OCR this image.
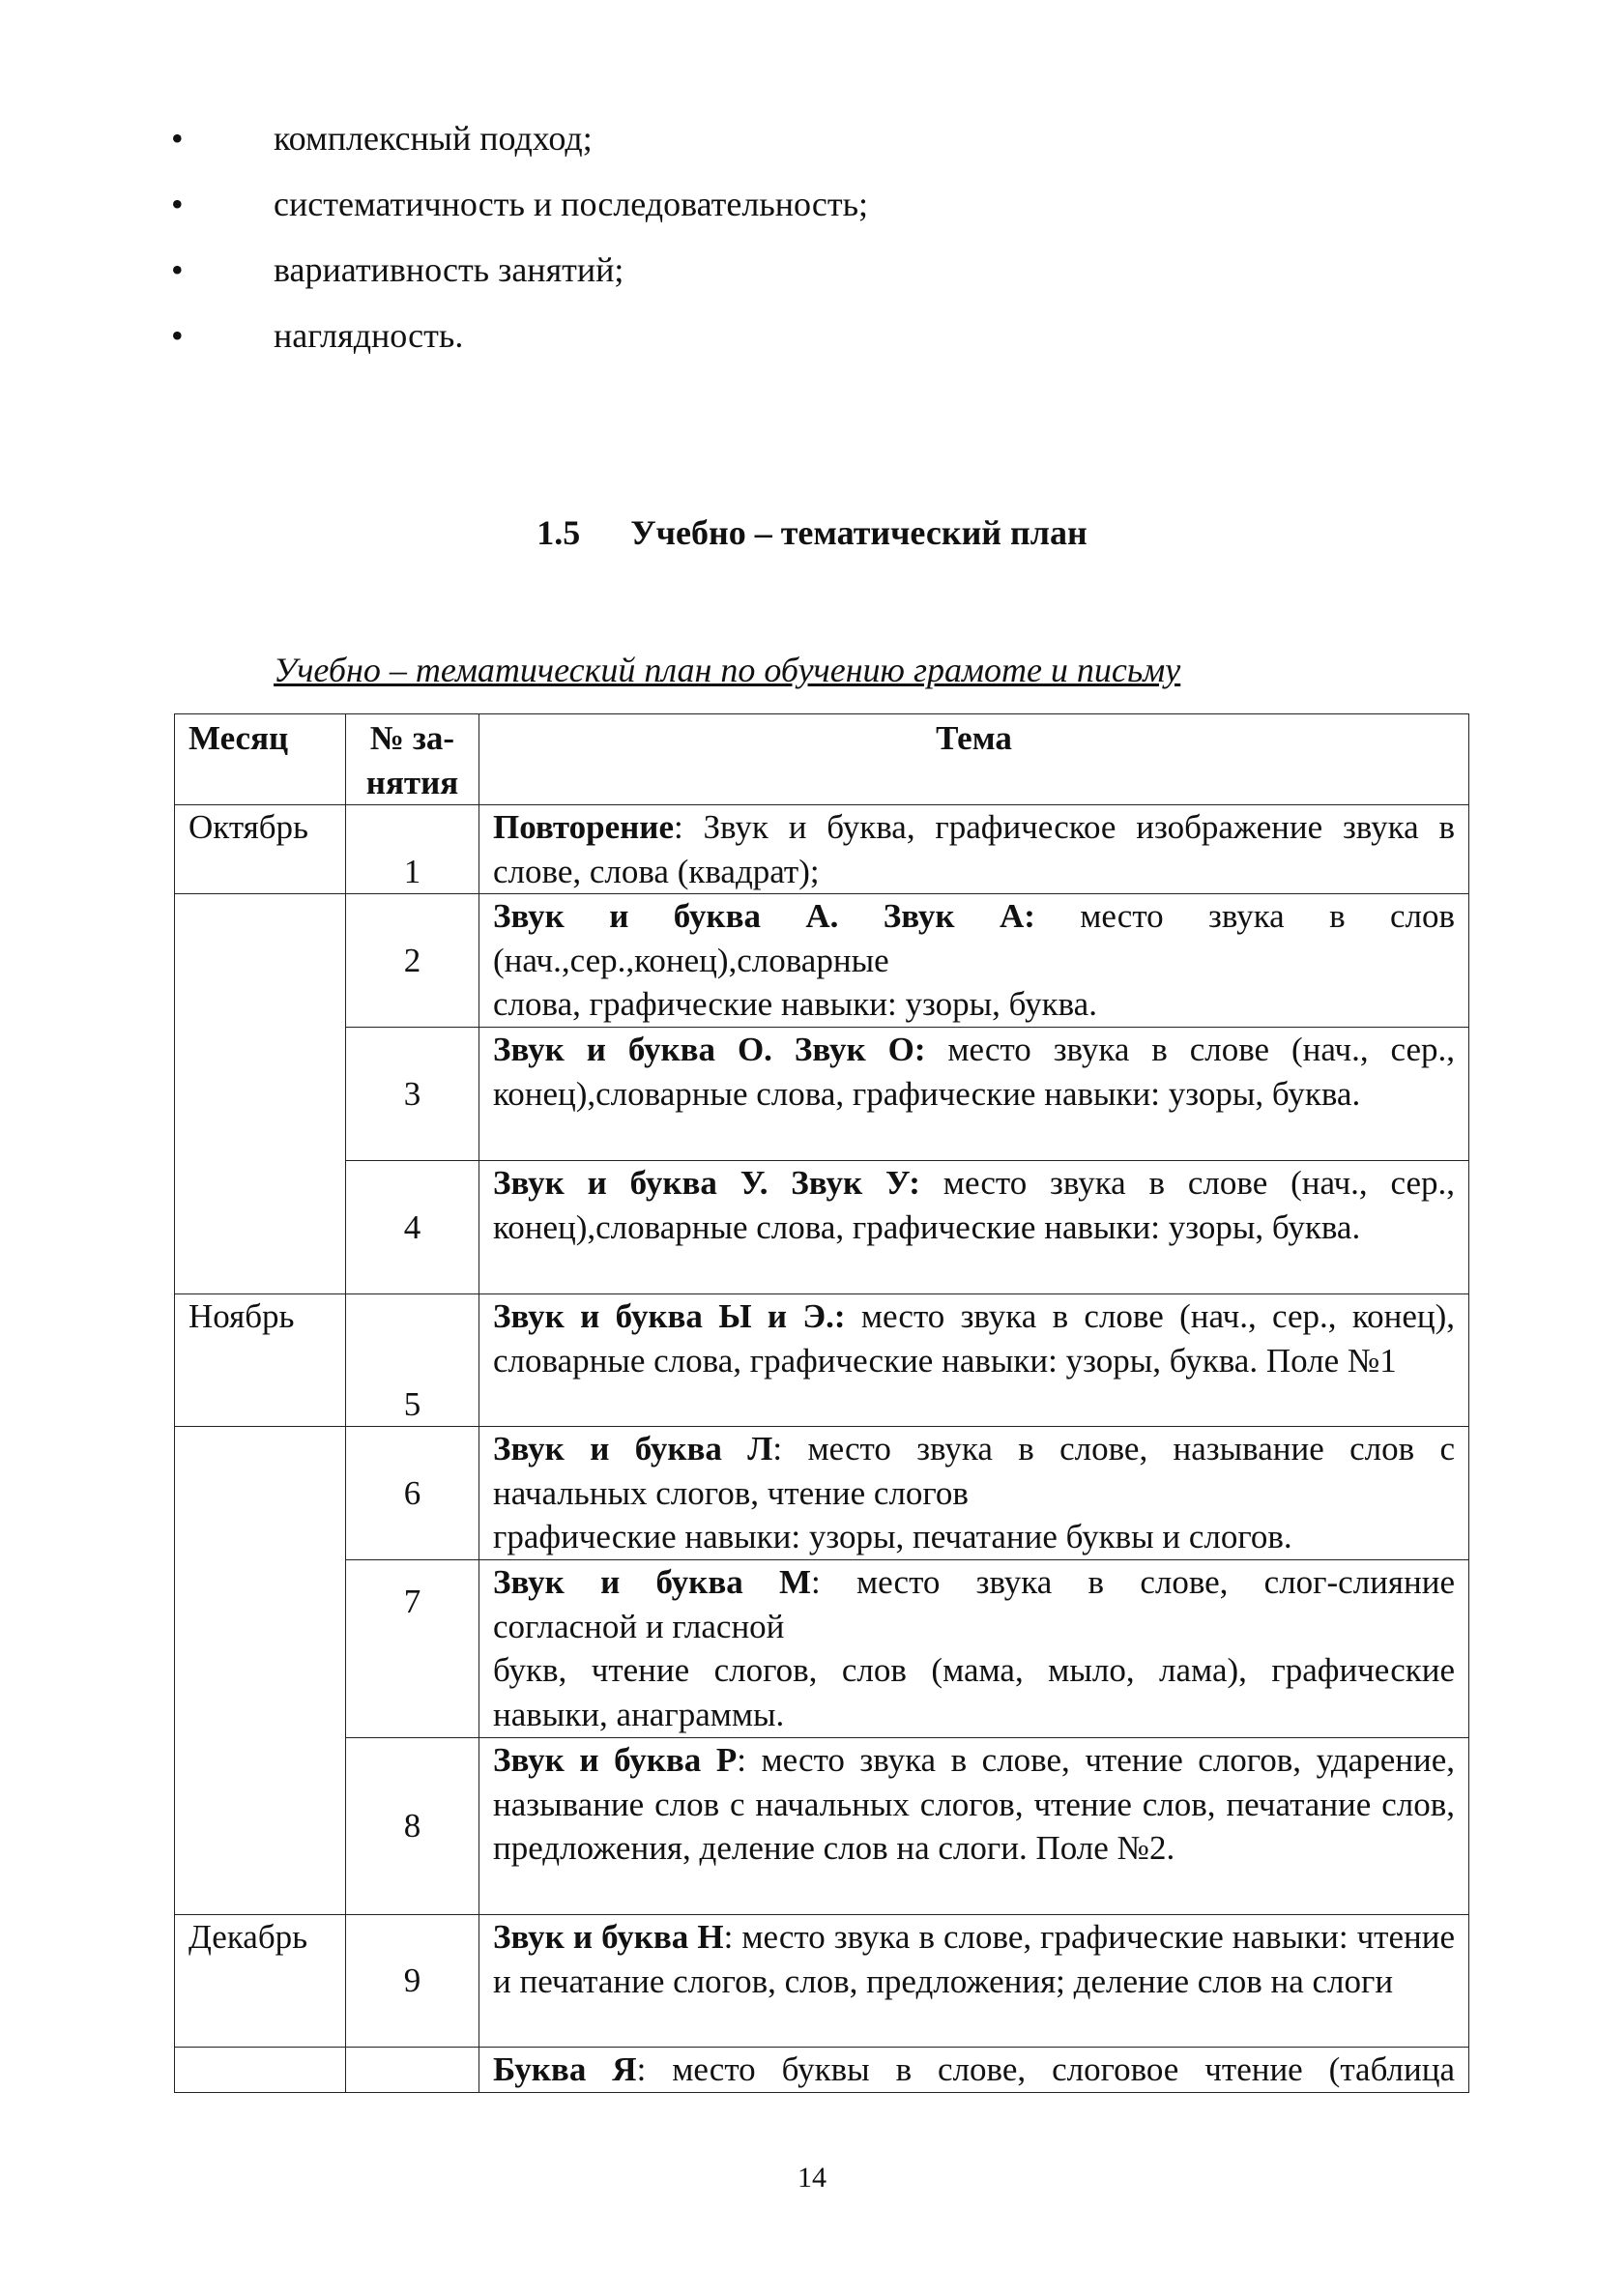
•	комплексный подход;
•	систематичность и последовательность;
•	вариативность занятий;
•	наглядность.
1.5 Учебно – тематический план
Учебно – тематический план по обучению грамоте и письму
Месяц	№ за-нятия	Тема
Октябрь	1	Повторение: Звук и буква, графическое изображение звука в слове, слова (квадрат);
	2	Звук и буква А. Звук А: место звука в слов
(нач.,сер.,конец),словарные
слова, графические навыки: узоры, буква.

	3	Звук и буква О. Звук О: место звука в слове (нач., сер., конец),словарные слова, графические навыки: узоры, буква.
	4	Звук и буква У. Звук У: место звука в слове (нач., сер., конец),словарные слова, графические навыки: узоры, буква.
Ноябрь	5	Звук и буква Ы и Э.: место звука в слове (нач., сер., конец), словарные слова, графические навыки: узоры, буква. Поле №1
	6	Звук и буква Л: место звука в слове, называние слов с
начальных слогов, чтение слогов
графические навыки: узоры, печатание буквы и слогов.

	7	Звук и буква М: место звука в слове, слог-слияние
согласной и гласной
букв, чтение слогов, слов (мама, мыло, лама), графические навыки, анаграммы.

	8	Звук и буква Р: место звука в слове, чтение слогов, ударение, называние слов с начальных слогов, чтение слов, печатание слов, предложения, деление слов на слоги. Поле №2.
Декабрь	9	Звук и буква Н: место звука в слове, графические навыки: чтение и печатание слогов, слов, предложения; деление слов на слоги

		Буква Я: место буквы в слове, слоговое чтение (таблица
14
